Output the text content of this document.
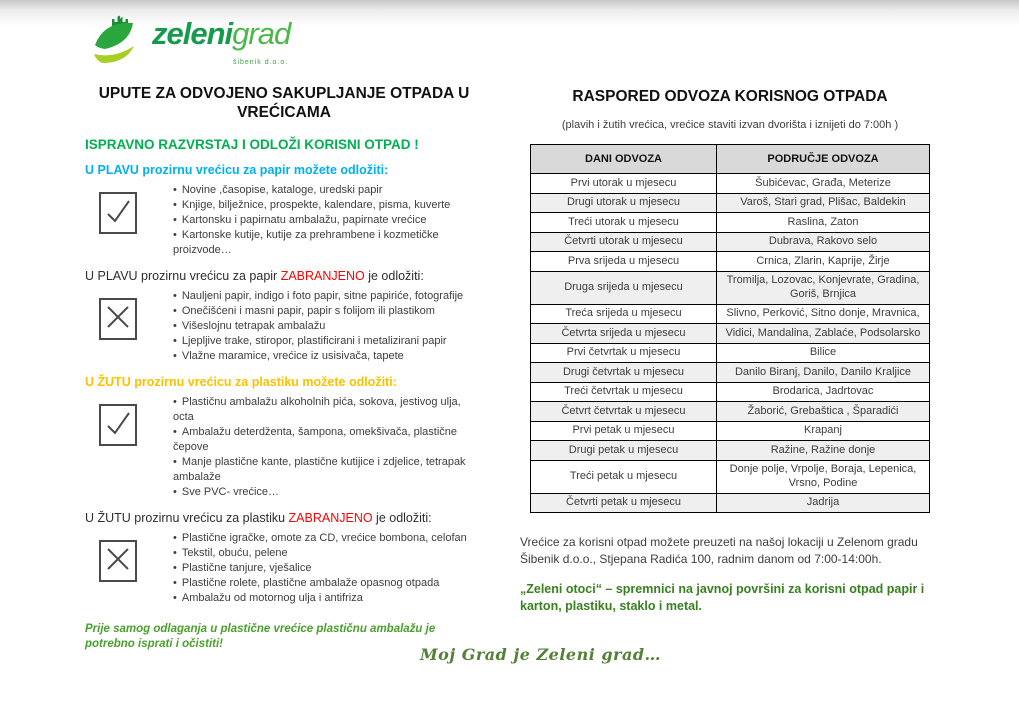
zelenigrad
šibenik d.o.o.
UPUTE ZA ODVOJENO SAKUPLJANJE OTPADA U VREĆICAMA
ISPRAVNO RAZVRSTAJ I ODLOŽI KORISNI OTPAD !
U PLAVU prozirnu vrećicu za papir možete odložiti:
• Novine ,časopise, kataloge, uredski papir
• Knjige, bilježnice, prospekte, kalendare, pisma, kuverte
• Kartonsku i papirnatu ambalažu, papirnate vrećice
• Kartonske kutije, kutije za prehrambene i kozmetičke proizvode…
U PLAVU prozirnu vrećicu za papir ZABRANJENO je odložiti:
• Nauljeni papir, indigo i foto papir, sitne papiriće, fotografije
• Onečišćeni i masni papir, papir s folijom ili plastikom
• Višeslojnu tetrapak ambalažu
• Ljepljive trake, stiropor, plastificirani i metalizirani papir
• Vlažne maramice, vrećice iz usisivača, tapete
U ŽUTU prozirnu vrećicu za plastiku možete odložiti:
• Plastičnu ambalažu alkoholnih pića, sokova, jestivog ulja, octa
• Ambalažu deterdženta, šampona, omekšivača, plastične čepove
• Manje plastične kante, plastične kutijice i zdjelice, tetrapak ambalaže
• Sve PVC- vrećice…
U ŽUTU prozirnu vrećicu za plastiku ZABRANJENO je odložiti:
• Plastične igračke, omote za CD, vrećice bombona, celofan
• Tekstil, obuću, pelene
• Plastične tanjure, vješalice
• Plastične rolete, plastične ambalaže opasnog otpada
• Ambalažu od motornog ulja i antifriza
Prije samog odlaganja u plastične vrećice plastičnu ambalažu je potrebno isprati i očistiti!
RASPORED ODVOZA KORISNOG OTPADA
(plavih i žutih vrećica, vrećice staviti izvan dvorišta i iznijeti do 7:00h )
DANI ODVOZA	PODRUČJE ODVOZA
Prvi utorak u mjesecu	Šubićevac, Građa, Meterize
Drugi utorak u mjesecu	Varoš, Stari grad, Plišac, Baldekin
Treći utorak u mjesecu	Raslina, Zaton
Četvrti utorak u mjesecu	Dubrava, Rakovo selo
Prva srijeda u mjesecu	Crnica, Zlarin, Kaprije, Žirje
Druga srijeda u mjesecu	Tromilja, Lozovac, Konjevrate, Gradina, Goriš, Brnjica
Treća srijeda u mjesecu	Slivno, Perković, Sitno donje, Mravnica,
Četvrta srijeda u mjesecu	Vidici, Mandalina, Zablaće, Podsolarsko
Prvi četvrtak u mjesecu	Bilice
Drugi četvrtak u mjesecu	Danilo Biranj, Danilo, Danilo Kraljice
Treći četvrtak u mjesecu	Brodarica, Jadrtovac
Četvrt četvrtak u mjesecu	Žaborić, Grebaštica , Šparadići
Prvi petak u mjesecu	Krapanj
Drugi petak u mjesecu	Ražine, Ražine donje
Treći petak u mjesecu	Donje polje, Vrpolje, Boraja, Lepenica, Vrsno, Podine
Četvrti petak u mjesecu	Jadrija
Vrećice za korisni otpad možete preuzeti na našoj lokaciji u Zelenom gradu Šibenik d.o.o., Stjepana Radića 100, radnim danom od 7:00-14:00h.
„Zeleni otoci“ – spremnici na javnoj površini za korisni otpad papir i karton, plastiku, staklo i metal.
Moj Grad je Zeleni grad…
